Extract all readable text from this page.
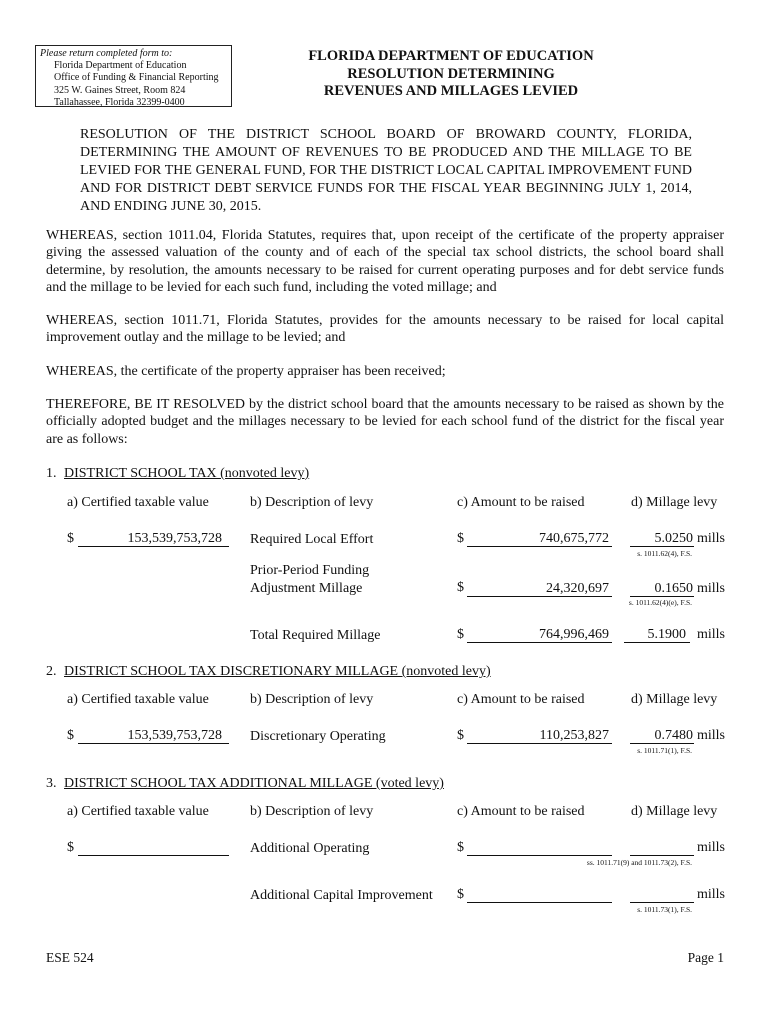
Please return completed form to:
Florida Department of Education
Office of Funding & Financial Reporting
325 W. Gaines Street, Room 824
Tallahassee, Florida 32399-0400
FLORIDA DEPARTMENT OF EDUCATION
RESOLUTION DETERMINING
REVENUES AND MILLAGES LEVIED
RESOLUTION OF THE DISTRICT SCHOOL BOARD OF BROWARD COUNTY, FLORIDA, DETERMINING THE AMOUNT OF REVENUES TO BE PRODUCED AND THE MILLAGE TO BE LEVIED FOR THE GENERAL FUND, FOR THE DISTRICT LOCAL CAPITAL IMPROVEMENT FUND AND FOR DISTRICT DEBT SERVICE FUNDS FOR THE FISCAL YEAR BEGINNING JULY 1, 2014, AND ENDING JUNE 30, 2015.
WHEREAS, section 1011.04, Florida Statutes, requires that, upon receipt of the certificate of the property appraiser giving the assessed valuation of the county and of each of the special tax school districts, the school board shall determine, by resolution, the amounts necessary to be raised for current operating purposes and for debt service funds and the millage to be levied for each such fund, including the voted millage; and
WHEREAS, section 1011.71, Florida Statutes, provides for the amounts necessary to be raised for local capital improvement outlay and the millage to be levied; and
WHEREAS, the certificate of the property appraiser has been received;
THEREFORE, BE IT RESOLVED by the district school board that the amounts necessary to be raised as shown by the officially adopted budget and the millages necessary to be levied for each school fund of the district for the fiscal year are as follows:
1. DISTRICT SCHOOL TAX (nonvoted levy)
a) Certified taxable value	b) Description of levy	c) Amount to be raised	d) Millage levy
$	153,539,753,728 Required Local Effort	$	740,675,772	5.0250 mills
s. 1011.62(4), F.S.
Prior-Period Funding
Adjustment Millage	$	24,320,697	0.1650 mills
s. 1011.62(4)(e), F.S.
Total Required Millage	$	764,996,469	5.1900 mills
2. DISTRICT SCHOOL TAX DISCRETIONARY MILLAGE (nonvoted levy)
a) Certified taxable value	b) Description of levy	c) Amount to be raised	d) Millage levy
$	153,539,753,728 Discretionary Operating	$	110,253,827	0.7480 mills
s. 1011.71(1), F.S.
3. DISTRICT SCHOOL TAX ADDITIONAL MILLAGE (voted levy)
a) Certified taxable value	b) Description of levy	c) Amount to be raised	d) Millage levy
$	Additional Operating	$	mills
ss. 1011.71(9) and 1011.73(2), F.S.
Additional Capital Improvement $	mills
s. 1011.73(1), F.S.
ESE 524	Page 1
